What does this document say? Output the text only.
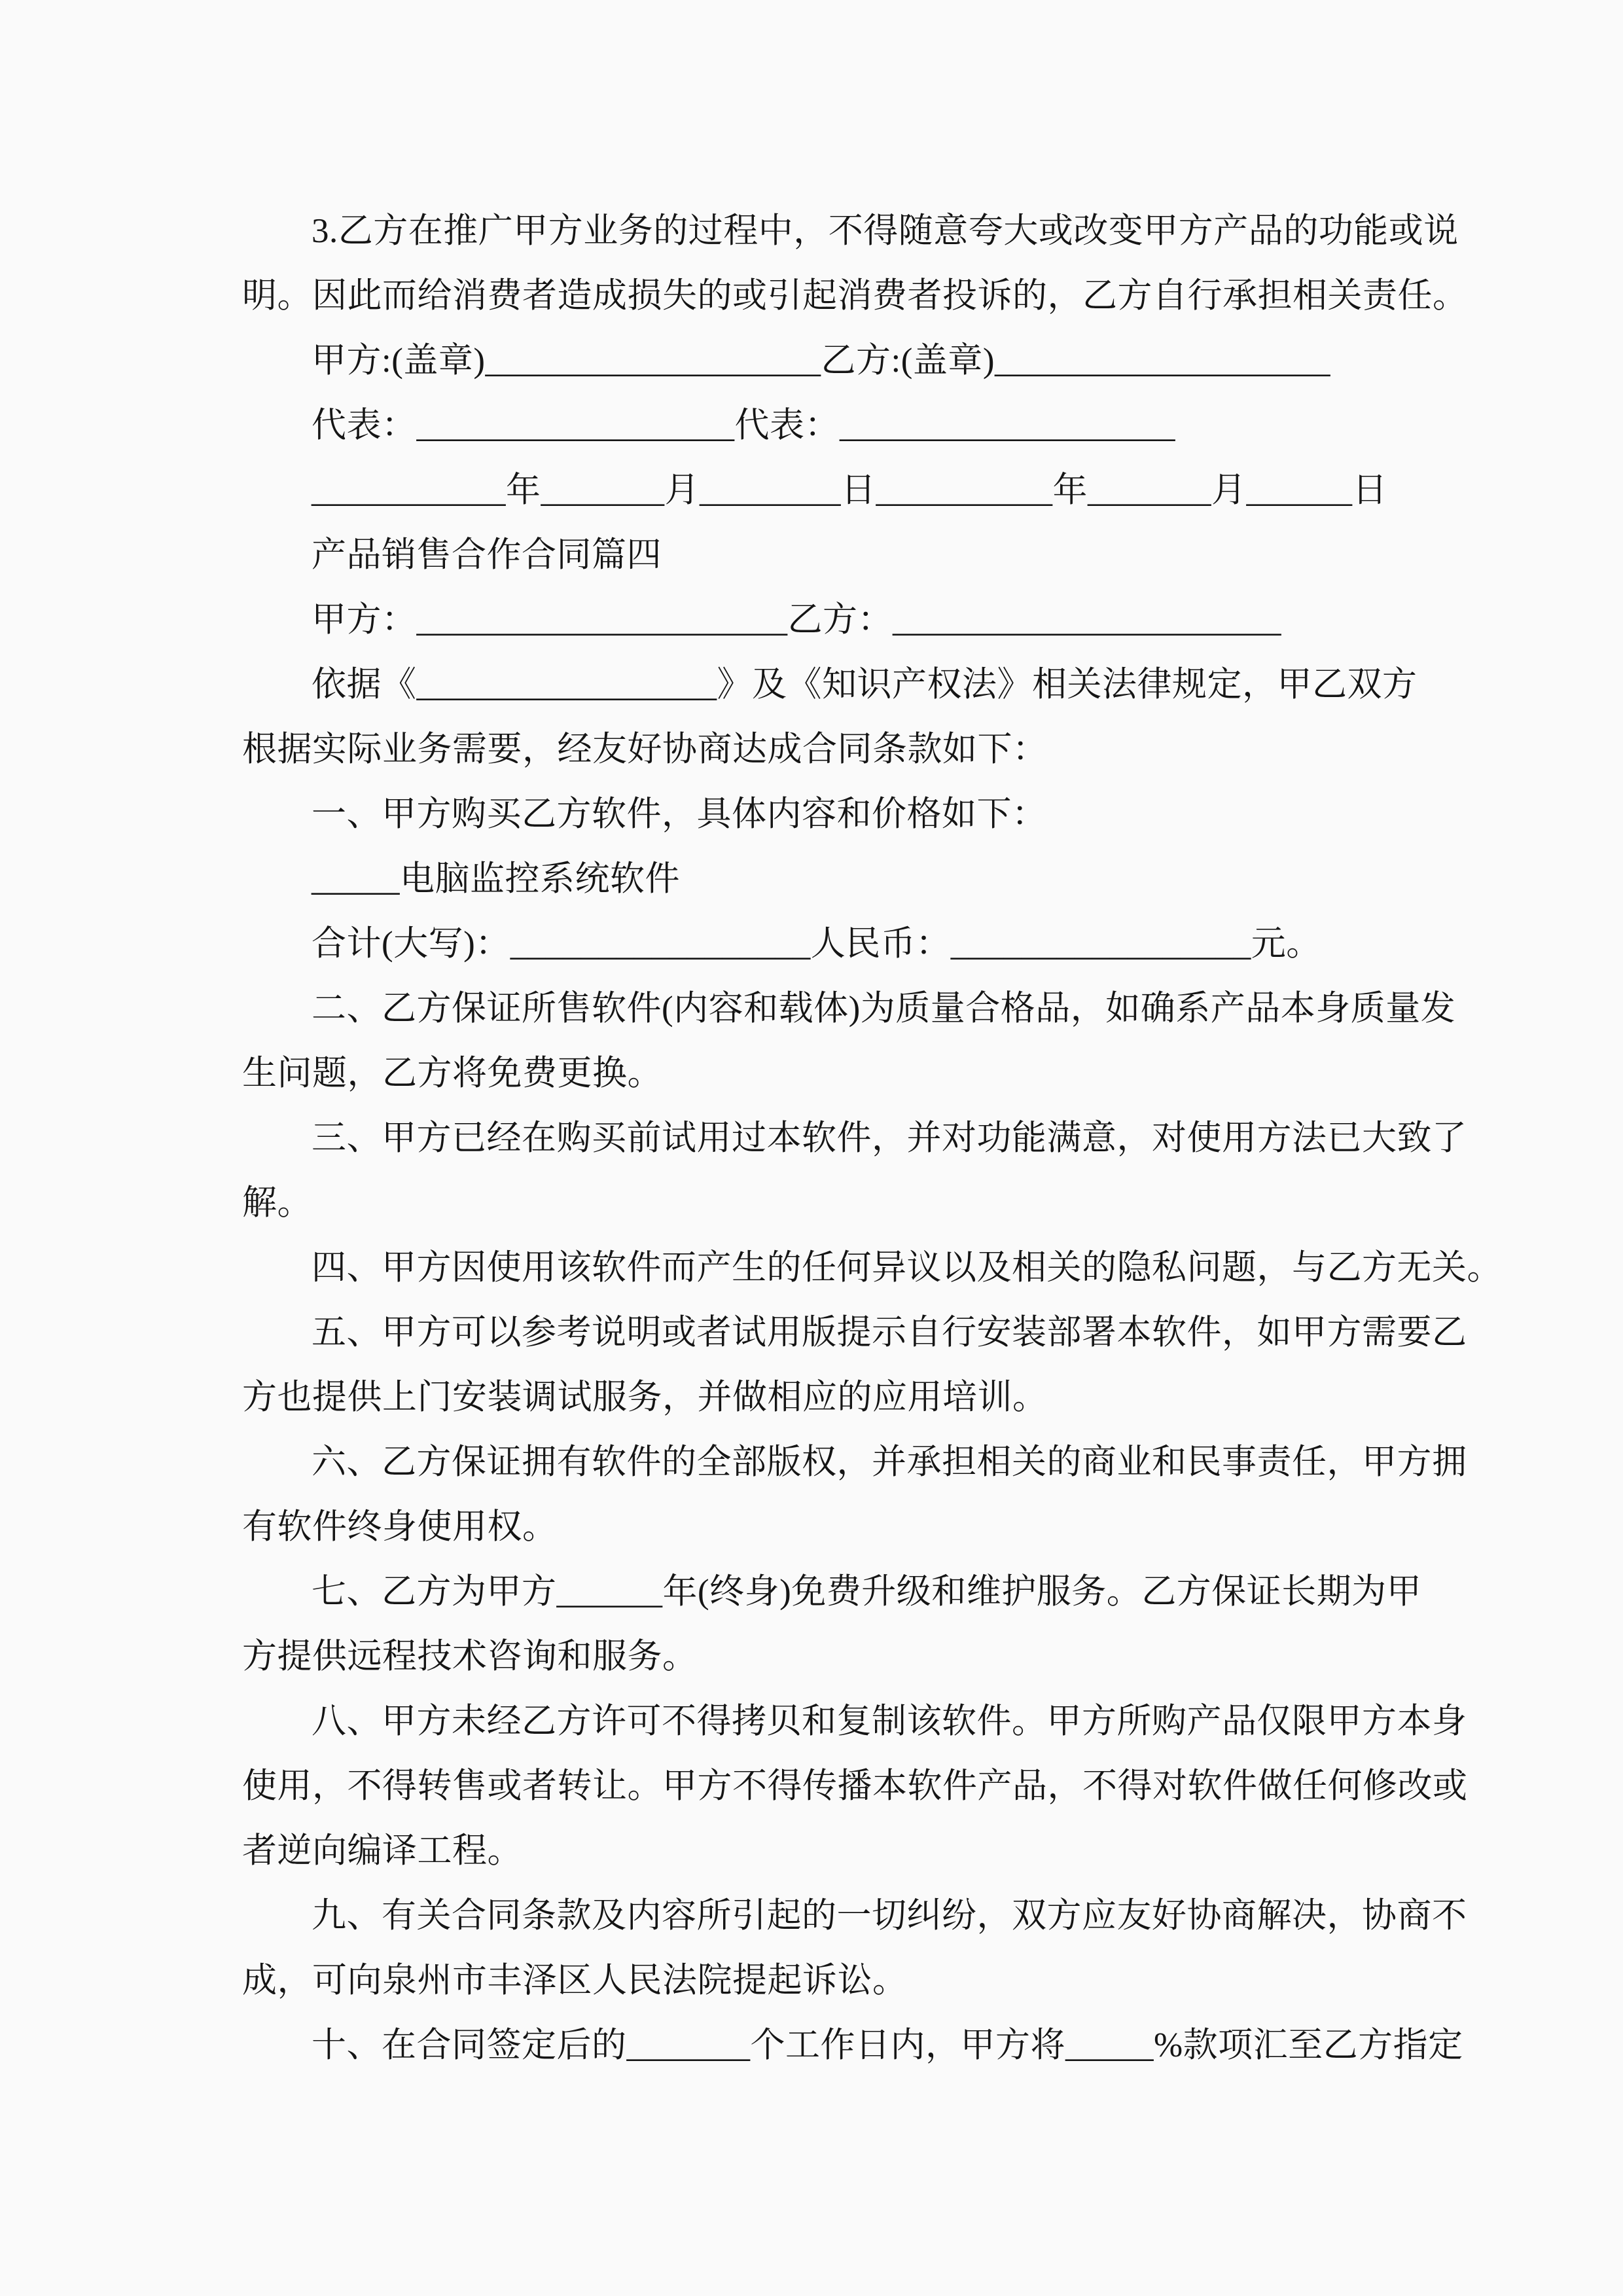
3.乙方在推广甲方业务的过程中，不得随意夸大或改变甲方产品的功能或说
明。因此而给消费者造成损失的或引起消费者投诉的，乙方自行承担相关责任。
甲方:(盖章)___________________乙方:(盖章)___________________
代表：__________________代表：___________________
___________年_______月________日__________年_______月______日
产品销售合作合同篇四
甲方：_____________________乙方：______________________
依据《_________________》及《知识产权法》相关法律规定，甲乙双方
根据实际业务需要，经友好协商达成合同条款如下：
一、甲方购买乙方软件，具体内容和价格如下：
_____电脑监控系统软件
合计(大写)：_________________人民币：_________________元。
二、乙方保证所售软件(内容和载体)为质量合格品，如确系产品本身质量发
生问题，乙方将免费更换。
三、甲方已经在购买前试用过本软件，并对功能满意，对使用方法已大致了
解。
四、甲方因使用该软件而产生的任何异议以及相关的隐私问题，与乙方无关。
五、甲方可以参考说明或者试用版提示自行安装部署本软件，如甲方需要乙
方也提供上门安装调试服务，并做相应的应用培训。
六、乙方保证拥有软件的全部版权，并承担相关的商业和民事责任，甲方拥
有软件终身使用权。
七、乙方为甲方______年(终身)免费升级和维护服务。乙方保证长期为甲
方提供远程技术咨询和服务。
八、甲方未经乙方许可不得拷贝和复制该软件。甲方所购产品仅限甲方本身
使用，不得转售或者转让。甲方不得传播本软件产品，不得对软件做任何修改或
者逆向编译工程。
九、有关合同条款及内容所引起的一切纠纷，双方应友好协商解决，协商不
成，可向泉州市丰泽区人民法院提起诉讼。
十、在合同签定后的_______个工作日内，甲方将_____%款项汇至乙方指定
